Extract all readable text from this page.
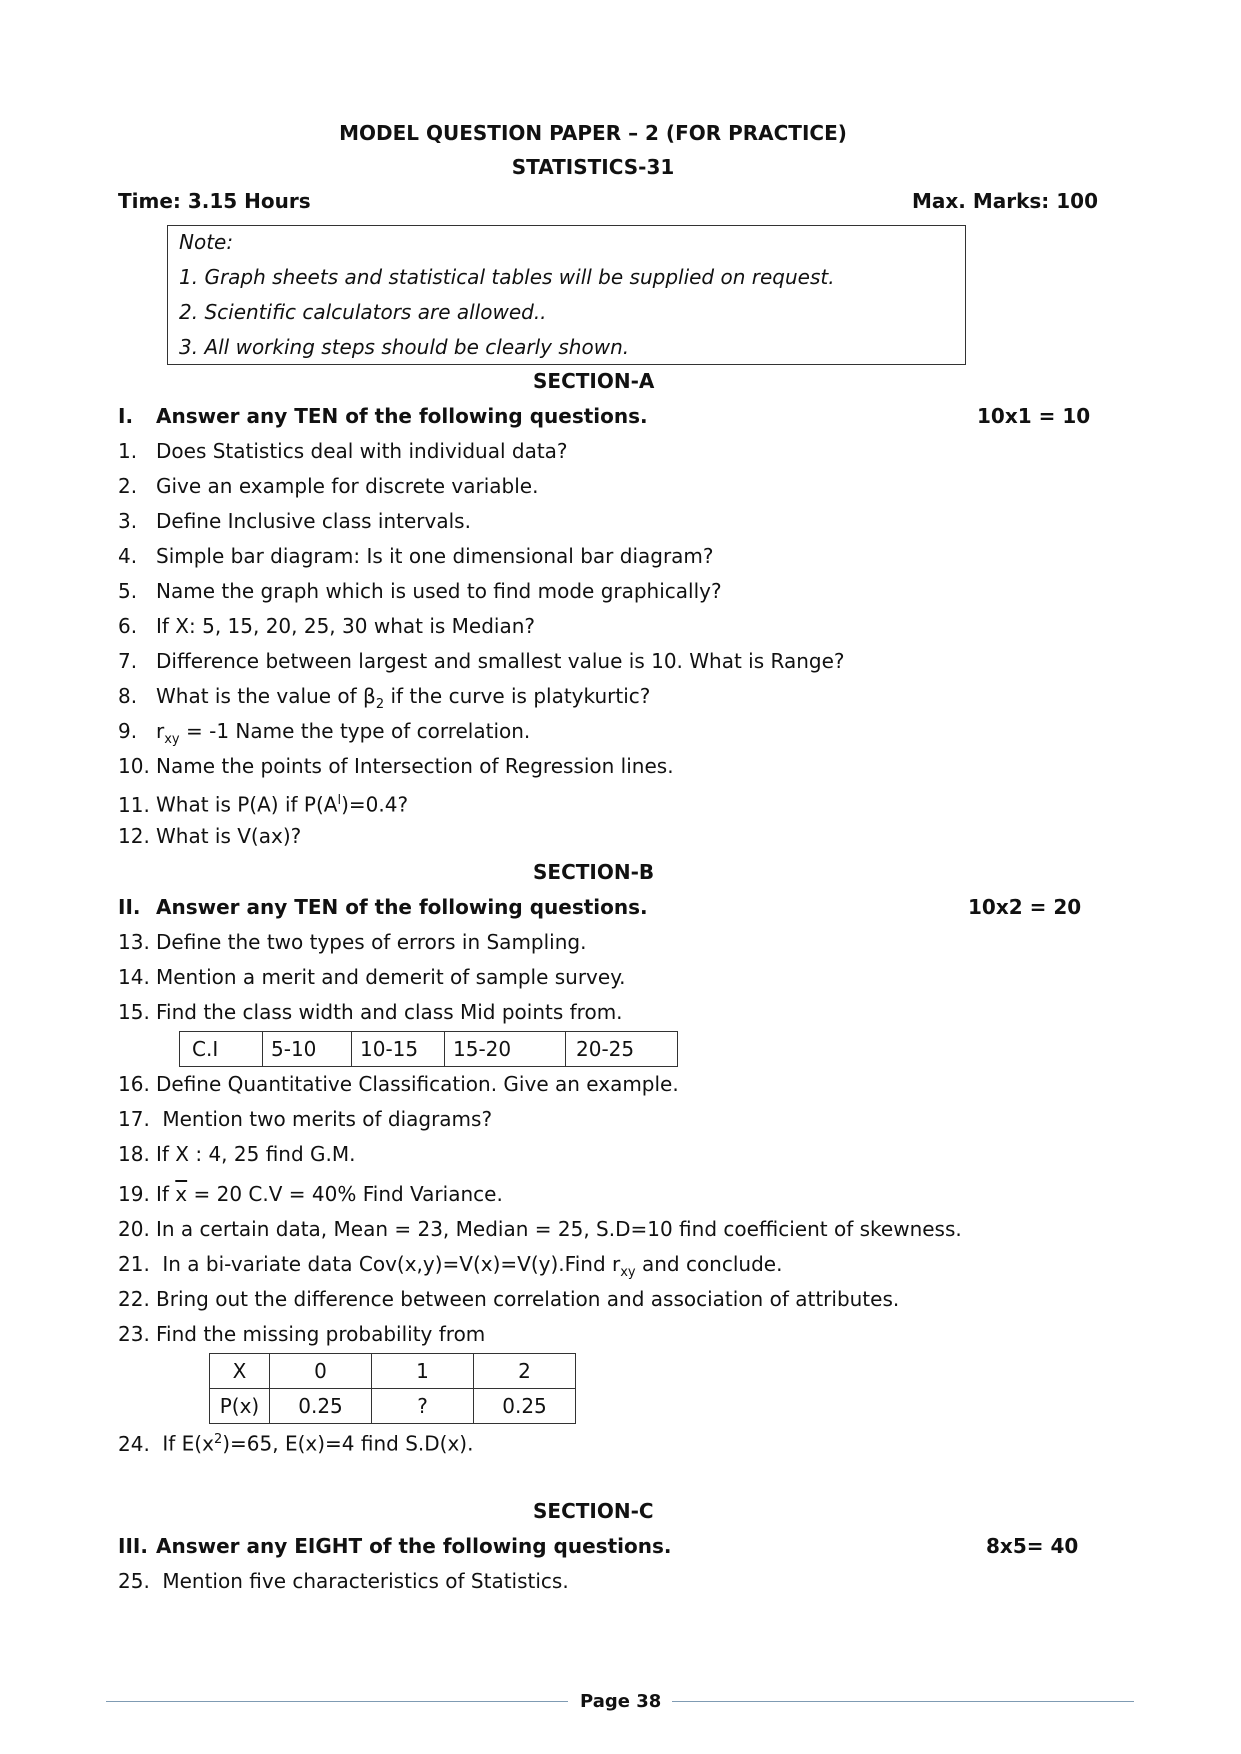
MODEL QUESTION PAPER – 2 (FOR PRACTICE)
STATISTICS-31
Time: 3.15 Hours	Max. Marks: 100
Note:
1. Graph sheets and statistical tables will be supplied on request.
2. Scientific calculators are allowed..
3. All working steps should be clearly shown.
SECTION-A
I. Answer any TEN of the following questions.	10x1 = 10
1. Does Statistics deal with individual data?
2. Give an example for discrete variable.
3. Define Inclusive class intervals.
4. Simple bar diagram: Is it one dimensional bar diagram?
5. Name the graph which is used to find mode graphically?
6. If X: 5, 15, 20, 25, 30 what is Median?
7. Difference between largest and smallest value is 10. What is Range?
8. What is the value of $\beta_2$ if the curve is platykurtic?
9. $r_{xy} = -1$ Name the type of correlation.
10. Name the points of Intersection of Regression lines.
11. What is P(A) if $P(A^l)=0.4$?
12. What is V(ax)?
SECTION-B
II. Answer any TEN of the following questions.	10x2 = 20
13. Define the two types of errors in Sampling.
14. Mention a merit and demerit of sample survey.
15. Find the class width and class Mid points from.
C.I	5-10	10-15	15-20	20-25
16. Define Quantitative Classification. Give an example.
17. Mention two merits of diagrams?
18. If X : 4, 25 find G.M.
19. If $\overline{x} = 20$ C.V = 40% Find Variance.
20. In a certain data, Mean = 23, Median = 25, S.D=10 find coefficient of skewness.
21. In a bi-variate data Cov(x,y)=V(x)=V(y).Find $r_{xy}$ and conclude.
22. Bring out the difference between correlation and association of attributes.
23. Find the missing probability from
X	0	1	2
P(x)	0.25	?	0.25
24. If $E(x^2)=65$, E(x)=4 find S.D(x).
SECTION-C
III. Answer any EIGHT of the following questions.	8x5= 40
25. Mention five characteristics of Statistics.
Page 38
